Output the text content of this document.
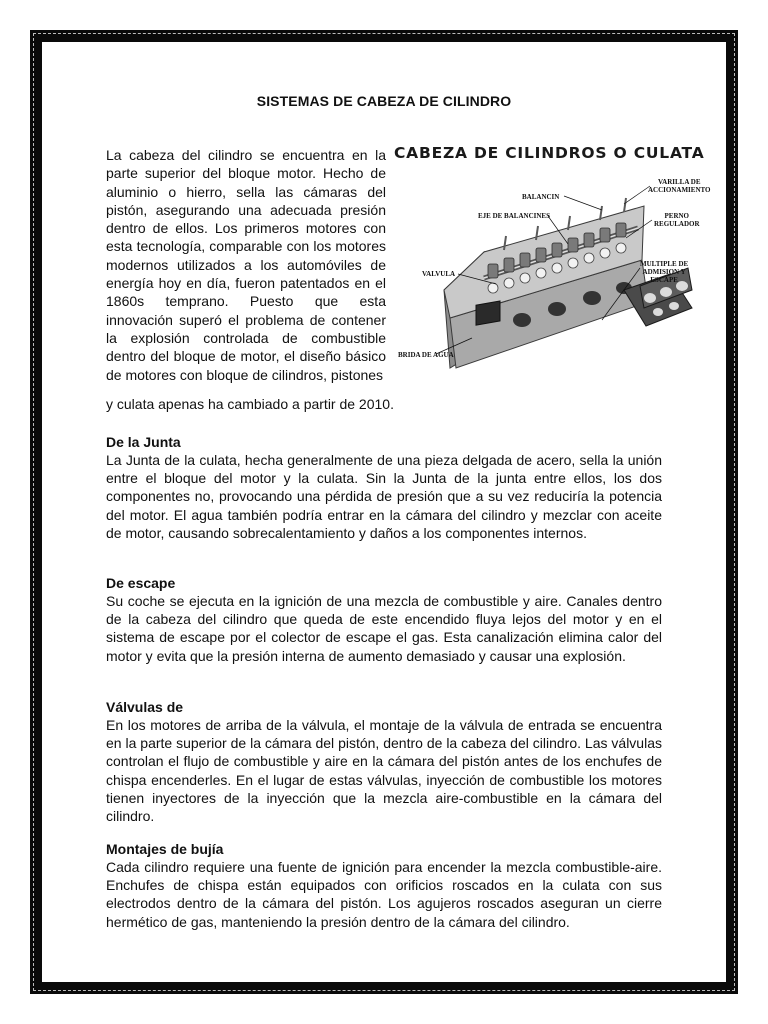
SISTEMAS DE CABEZA DE CILINDRO
La cabeza del cilindro se encuentra en la parte superior del bloque motor. Hecho de aluminio o hierro, sella las cámaras del pistón, asegurando una adecuada presión dentro de ellos. Los primeros motores con esta tecnología, comparable con los motores modernos utilizados a los automóviles de energía hoy en día, fueron patentados en el 1860s temprano. Puesto que esta innovación superó el problema de contener la explosión controlada de combustible dentro del bloque de motor, el diseño básico de motores con bloque de cilindros, pistones
y culata apenas ha cambiado a partir de 2010.
CABEZA DE CILINDROS O CULATA
BALANCIN
VARILLA DE
ACCIONAMIENTO
EJE DE BALANCINES	PERNO
REGULADOR
VALVULA
MULTIPLE DE
ADMISION Y
ESCAPE
BRIDA DE AGUA
De la Junta

La Junta de la culata, hecha generalmente de una pieza delgada de acero, sella la unión entre el bloque del motor y la culata. Sin la Junta de la junta entre ellos, los dos componentes no, provocando una pérdida de presión que a su vez reduciría la potencia del motor. El agua también podría entrar en la cámara del cilindro y mezclar con aceite de motor, causando sobrecalentamiento y daños a los componentes internos.

De escape

Su coche se ejecuta en la ignición de una mezcla de combustible y aire. Canales dentro de la cabeza del cilindro que queda de este encendido fluya lejos del motor y en el sistema de escape por el colector de escape el gas. Esta canalización elimina calor del motor y evita que la presión interna de aumento demasiado y causar una explosión.

Válvulas de

En los motores de arriba de la válvula, el montaje de la válvula de entrada se encuentra en la parte superior de la cámara del pistón, dentro de la cabeza del cilindro. Las válvulas controlan el flujo de combustible y aire en la cámara del pistón antes de los enchufes de chispa encenderles. En el lugar de estas válvulas, inyección de combustible los motores tienen inyectores de la inyección que la mezcla aire-combustible en la cámara del cilindro.

Montajes de bujía

Cada cilindro requiere una fuente de ignición para encender la mezcla combustible-aire. Enchufes de chispa están equipados con orificios roscados en la culata con sus electrodos dentro de la cámara del pistón. Los agujeros roscados aseguran un cierre hermético de gas, manteniendo la presión dentro de la cámara del cilindro.
